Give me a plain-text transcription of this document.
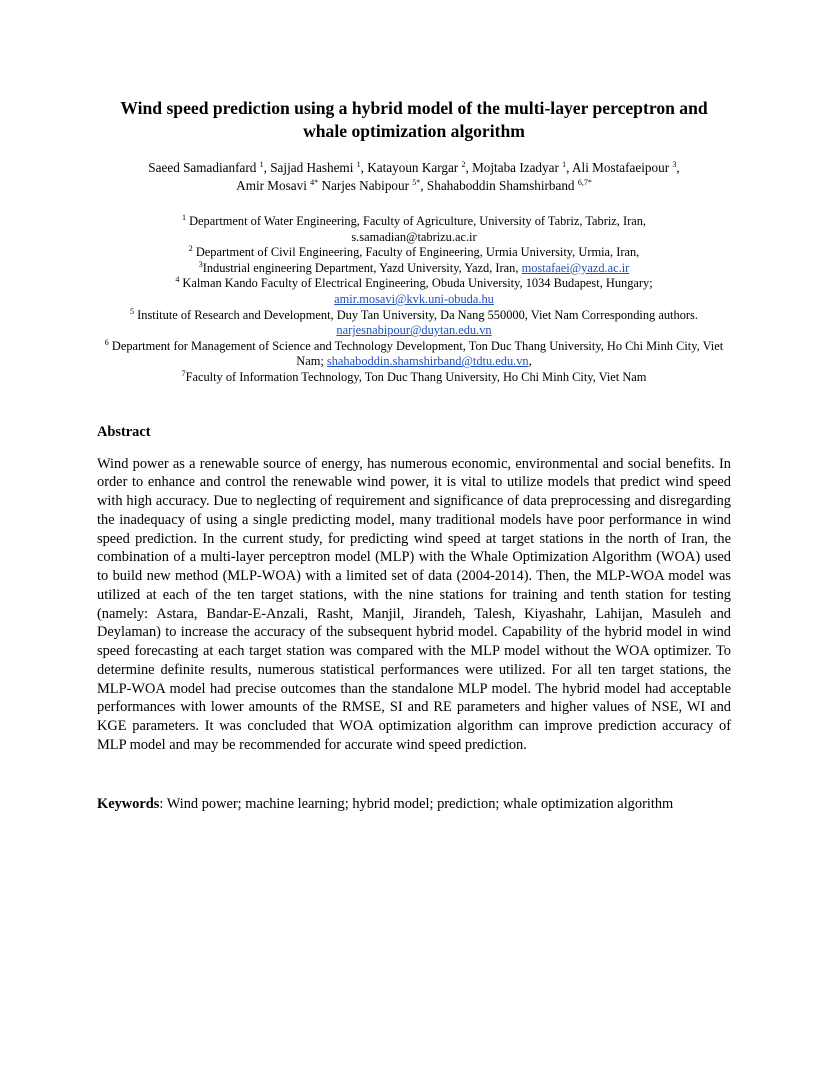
Wind speed prediction using a hybrid model of the multi-layer perceptron and whale optimization algorithm
Saeed Samadianfard $^1$, Sajjad Hashemi $^1$, Katayoun Kargar $^2$, Mojtaba Izadyar $^1$, Ali Mostafaeipour $^3$,
Amir Mosavi $^{4*}$ Narjes Nabipour $^{5*}$, Shahaboddin Shamshirband $^{6,7*}$
$^1$ Department of Water Engineering, Faculty of Agriculture, University of Tabriz, Tabriz, Iran,
s.samadian@tabrizu.ac.ir
$^2$ Department of Civil Engineering, Faculty of Engineering, Urmia University, Urmia, Iran,
$^3$Industrial engineering Department, Yazd University, Yazd, Iran, mostafaei@yazd.ac.ir
$^4$ Kalman Kando Faculty of Electrical Engineering, Obuda University, 1034 Budapest, Hungary;
amir.mosavi@kvk.uni-obuda.hu
$^5$ Institute of Research and Development, Duy Tan University, Da Nang 550000, Viet Nam Corresponding authors.
narjesnabipour@duytan.edu.vn
$^6$ Department for Management of Science and Technology Development, Ton Duc Thang University, Ho Chi Minh City, Viet Nam; shahaboddin.shamshirband@tdtu.edu.vn,
$^7$Faculty of Information Technology, Ton Duc Thang University, Ho Chi Minh City, Viet Nam
Abstract

Wind power as a renewable source of energy, has numerous economic, environmental and social benefits. In order to enhance and control the renewable wind power, it is vital to utilize models that predict wind speed with high accuracy. Due to neglecting of requirement and significance of data preprocessing and disregarding the inadequacy of using a single predicting model, many traditional models have poor performance in wind speed prediction. In the current study, for predicting wind speed at target stations in the north of Iran, the combination of a multi-layer perceptron model (MLP) with the Whale Optimization Algorithm (WOA) used to build new method (MLP-WOA) with a limited set of data (2004-2014). Then, the MLP-WOA model was utilized at each of the ten target stations, with the nine stations for training and tenth station for testing (namely: Astara, Bandar-E-Anzali, Rasht, Manjil, Jirandeh, Talesh, Kiyashahr, Lahijan, Masuleh and Deylaman) to increase the accuracy of the subsequent hybrid model. Capability of the hybrid model in wind speed forecasting at each target station was compared with the MLP model without the WOA optimizer. To determine definite results, numerous statistical performances were utilized. For all ten target stations, the MLP-WOA model had precise outcomes than the standalone MLP model. The hybrid model had acceptable performances with lower amounts of the RMSE, SI and RE parameters and higher values of NSE, WI and KGE parameters. It was concluded that WOA optimization algorithm can improve prediction accuracy of MLP model and may be recommended for accurate wind speed prediction.

Keywords: Wind power; machine learning; hybrid model; prediction; whale optimization algorithm
